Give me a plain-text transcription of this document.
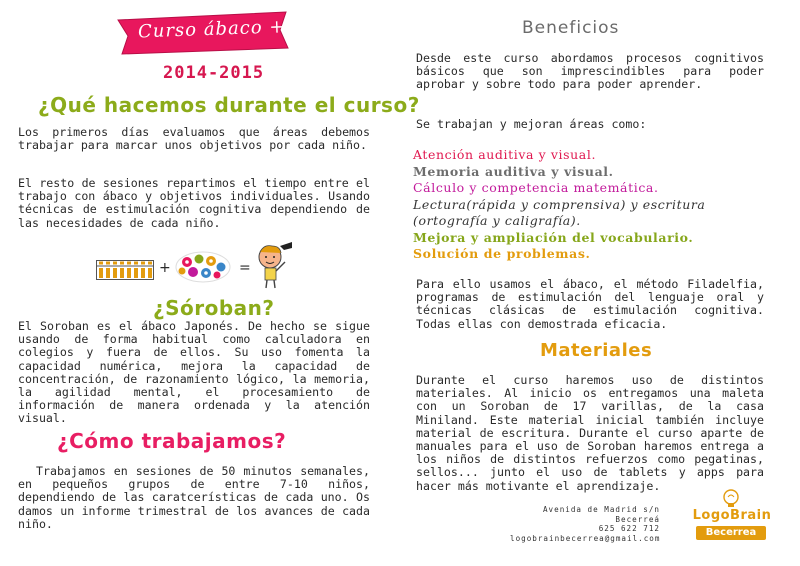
Curso ábaco +
2014-2015
¿Qué hacemos durante el curso?
Los primeros días evaluamos que áreas debemos trabajar para marcar unos objetivos por cada niño.
El resto de sesiones repartimos el tiempo entre el trabajo con ábaco y objetivos individuales. Usando técnicas de estimulación cognitiva dependiendo de las necesidades de cada niño.
+	=
¿Sóroban?
El Soroban es el ábaco Japonés. De hecho se sigue usando de forma habitual como calculadora en colegios y fuera de ellos. Su uso fomenta la capacidad numérica, mejora la capacidad de concentración, de razonamiento lógico, la memoria, la agilidad mental, el procesamiento de información de manera ordenada y la atención visual.
¿Cómo trabajamos?
Trabajamos en sesiones de 50 minutos semanales, en pequeños grupos de entre 7-10 niños, dependiendo de las caratcerísticas de cada uno. Os damos un informe trimestral de los avances de cada niño.
Beneficios
Desde este curso abordamos procesos cognitivos básicos que son imprescindibles para poder aprobar y sobre todo para poder aprender.
Se trabajan y mejoran áreas como:
Atención auditiva y visual.
Memoria auditiva y visual.
Cálculo y competencia matemática.
Lectura(rápida y comprensiva) y escritura (ortografía y caligrafía).
Mejora y ampliación del vocabulario.
Solución de problemas.
Para ello usamos el ábaco, el método Filadelfia, programas de estimulación del lenguaje oral y técnicas clásicas de estimulación cognitiva. Todas ellas con demostrada eficacia.
Materiales
Durante el curso haremos uso de distintos materiales. Al inicio os entregamos una maleta con un Soroban de 17 varillas, de la casa Miniland. Este material inicial también incluye material de escritura. Durante el curso aparte de manuales para el uso de Soroban haremos entrega a los niños de distintos refuerzos como pegatinas, sellos... junto el uso de tablets y apps para hacer más motivante el aprendizaje.
Avenida de Madrid s/n
Becerreá
625 622 712
logobrainbecerrea@gmail.com
LogoBrain
Becerrea
